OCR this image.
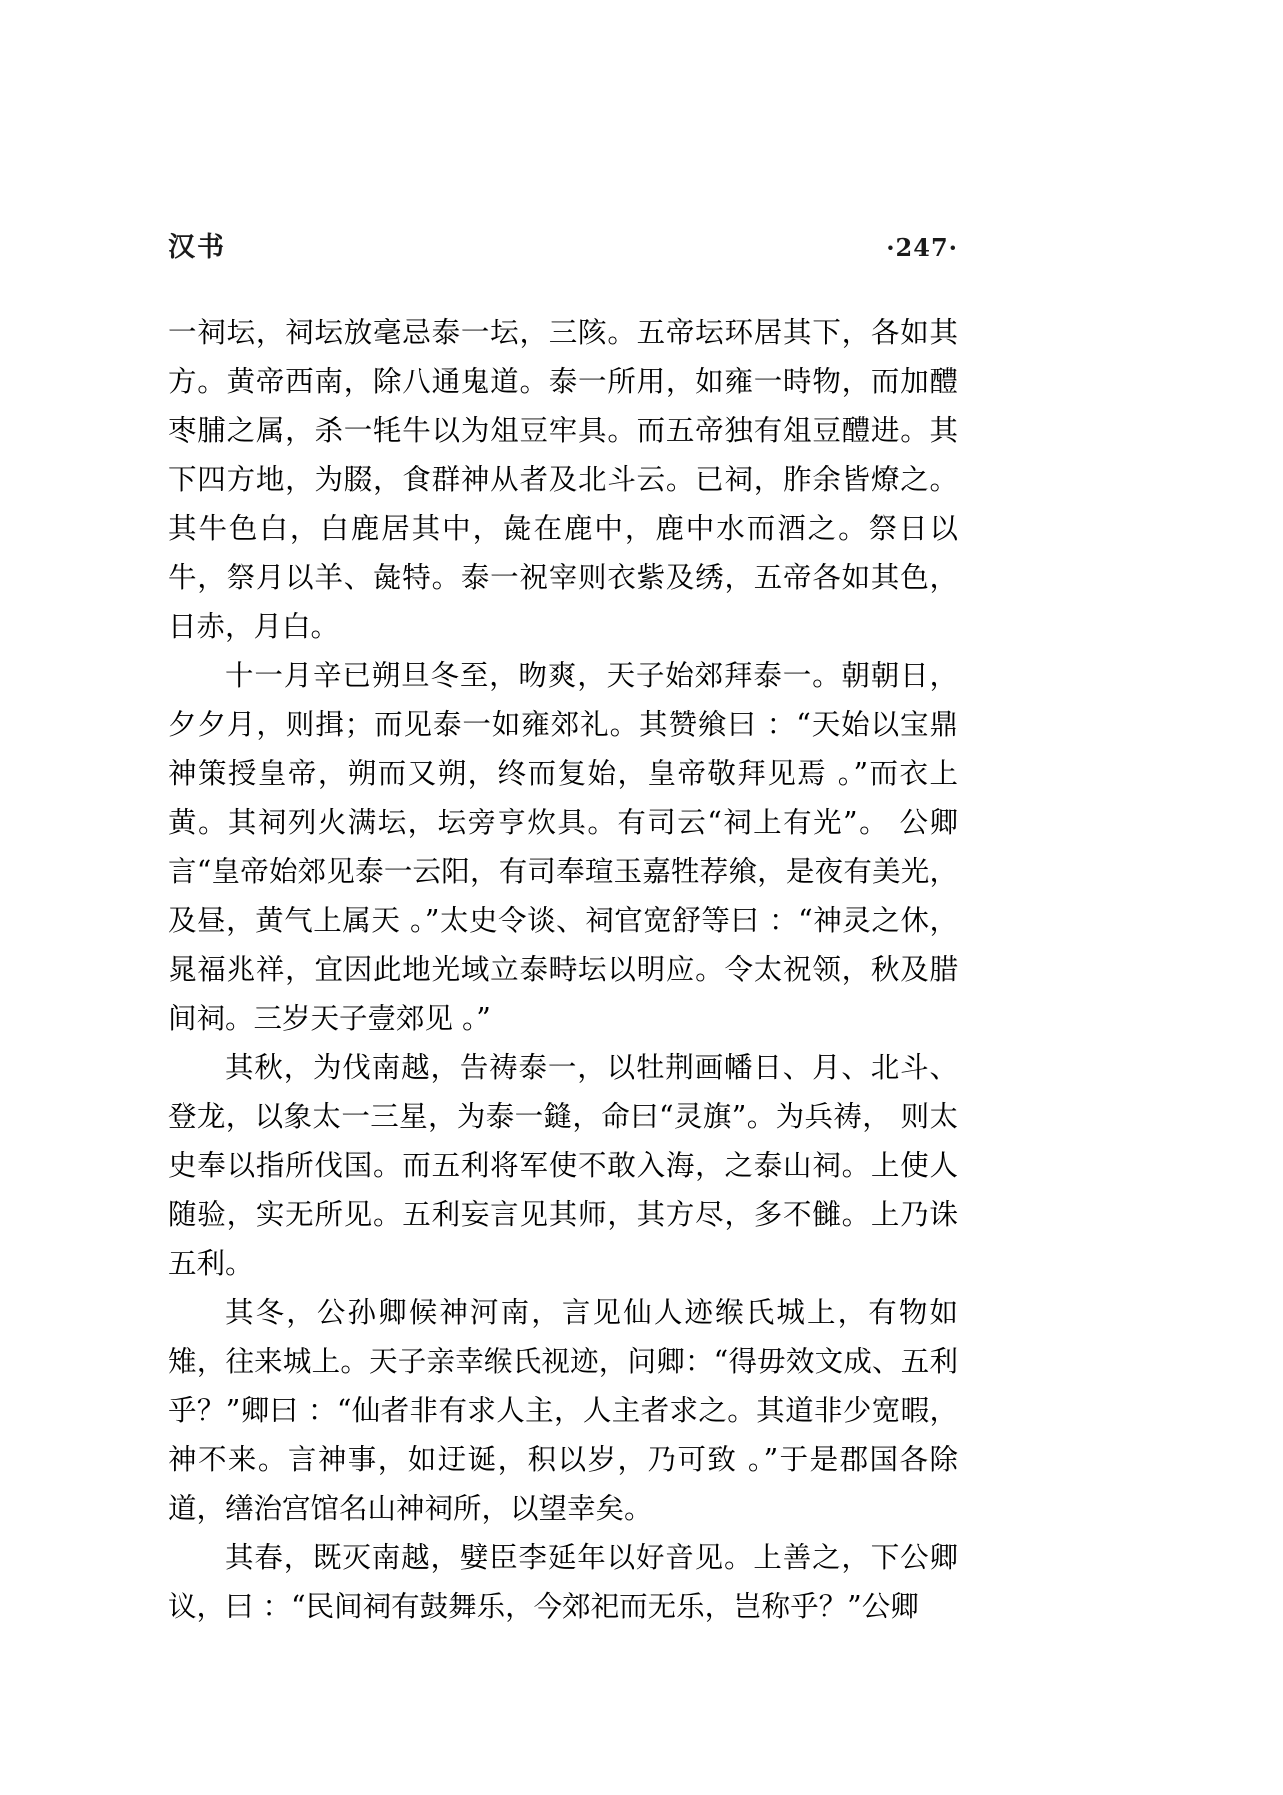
汉书	·247·

一祠坛，祠坛放毫忌泰一坛，三陔。五帝坛环居其下，各如其方。黄帝西南，除八通鬼道。泰一所用，如雍一時物，而加醴枣脯之属，杀一牦牛以为俎豆牢具。而五帝独有俎豆醴进。其下四方地，为腏，食群神从者及北斗云。已祠，胙余皆燎之。其牛色白，白鹿居其中，彘在鹿中，鹿中水而酒之。祭日以牛，祭月以羊、彘特。泰一祝宰则衣紫及绣，五帝各如其色，日赤，月白。

十一月辛已朔旦冬至，昒爽，天子始郊拜泰一。朝朝日，夕夕月，则揖；而见泰一如雍郊礼。其赞飨曰 ：“天始以宝鼎神策授皇帝，朔而又朔，终而复始，皇帝敬拜见焉 。”而衣上黄。其祠列火满坛，坛旁亨炊具。有司云“祠上有光”。 公卿言“皇帝始郊见泰一云阳，有司奉瑄玉嘉牲荐飨，是夜有美光，及昼，黄气上属天 。”太史令谈、祠官宽舒等曰 ：“神灵之休，晁福兆祥，宜因此地光域立泰畤坛以明应。令太祝领，秋及腊间祠。三岁天子壹郊见 。”

其秋，为伐南越，告祷泰一，以牡荆画幡日、月、北斗、登龙，以象太一三星，为泰一鏠，命曰“灵旗”。为兵祷， 则太史奉以指所伐国。而五利将军使不敢入海，之泰山祠。上使人随验，实无所见。五利妄言见其师，其方尽，多不雠。上乃诛五利。

其冬，公孙卿候神河南，言见仙人迹缑氏城上，有物如雉，往来城上。天子亲幸缑氏视迹，问卿：“得毋效文成、五利乎？”卿曰 ：“仙者非有求人主，人主者求之。其道非少宽暇，神不来。言神事，如迂诞，积以岁，乃可致 。”于是郡国各除道，缮治宫馆名山神祠所，以望幸矣。

其春，既灭南越，嬖臣李延年以好音见。上善之，下公卿议，曰 ：“民间祠有鼓舞乐，今郊祀而无乐，岂称乎？”公卿
